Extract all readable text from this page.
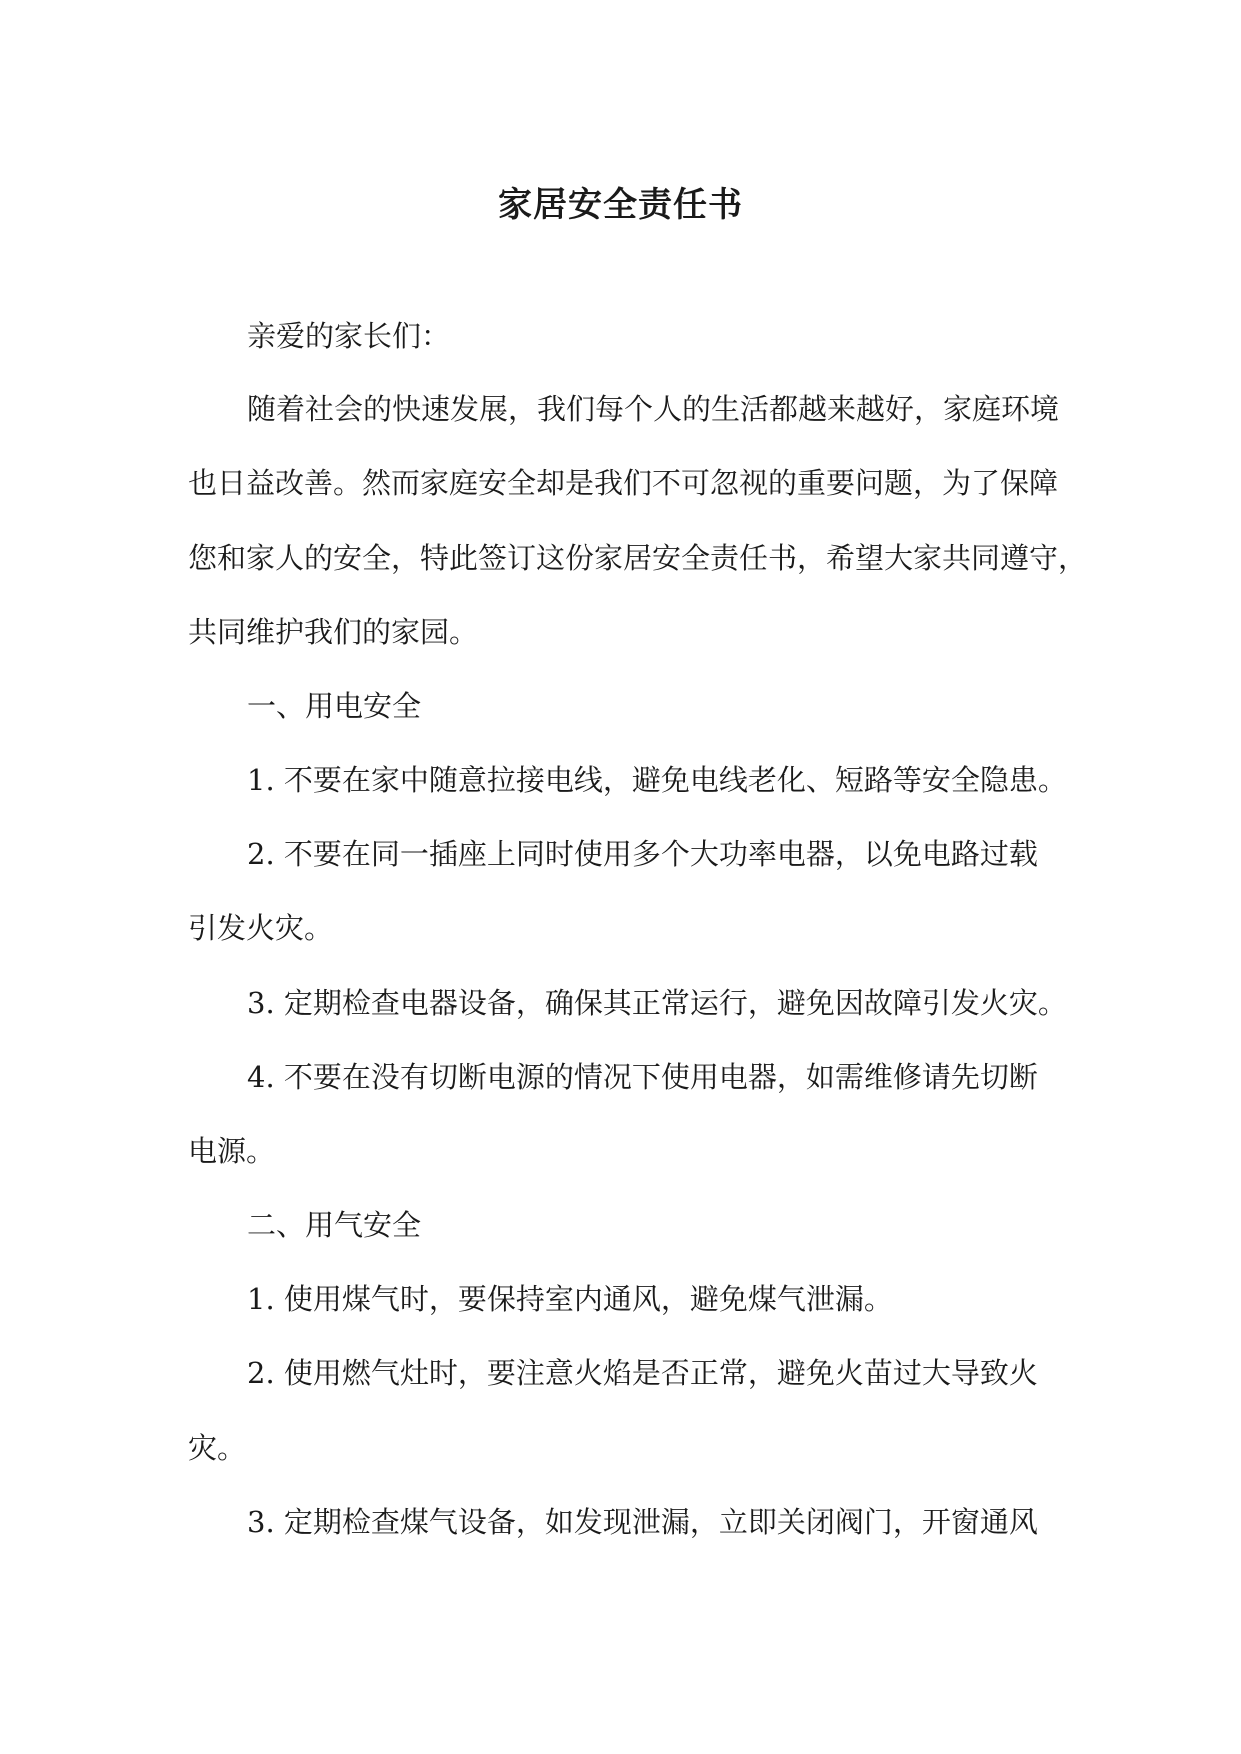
家居安全责任书
亲爱的家长们：
随着社会的快速发展，我们每个人的生活都越来越好，家庭环境
也日益改善。然而家庭安全却是我们不可忽视的重要问题，为了保障
您和家人的安全，特此签订这份家居安全责任书，希望大家共同遵守，
共同维护我们的家园。
一、用电安全
1. 不要在家中随意拉接电线，避免电线老化、短路等安全隐患。
2. 不要在同一插座上同时使用多个大功率电器，以免电路过载
引发火灾。
3. 定期检查电器设备，确保其正常运行，避免因故障引发火灾。
4. 不要在没有切断电源的情况下使用电器，如需维修请先切断
电源。
二、用气安全
1. 使用煤气时，要保持室内通风，避免煤气泄漏。
2. 使用燃气灶时，要注意火焰是否正常，避免火苗过大导致火
灾。
3. 定期检查煤气设备，如发现泄漏，立即关闭阀门，开窗通风
